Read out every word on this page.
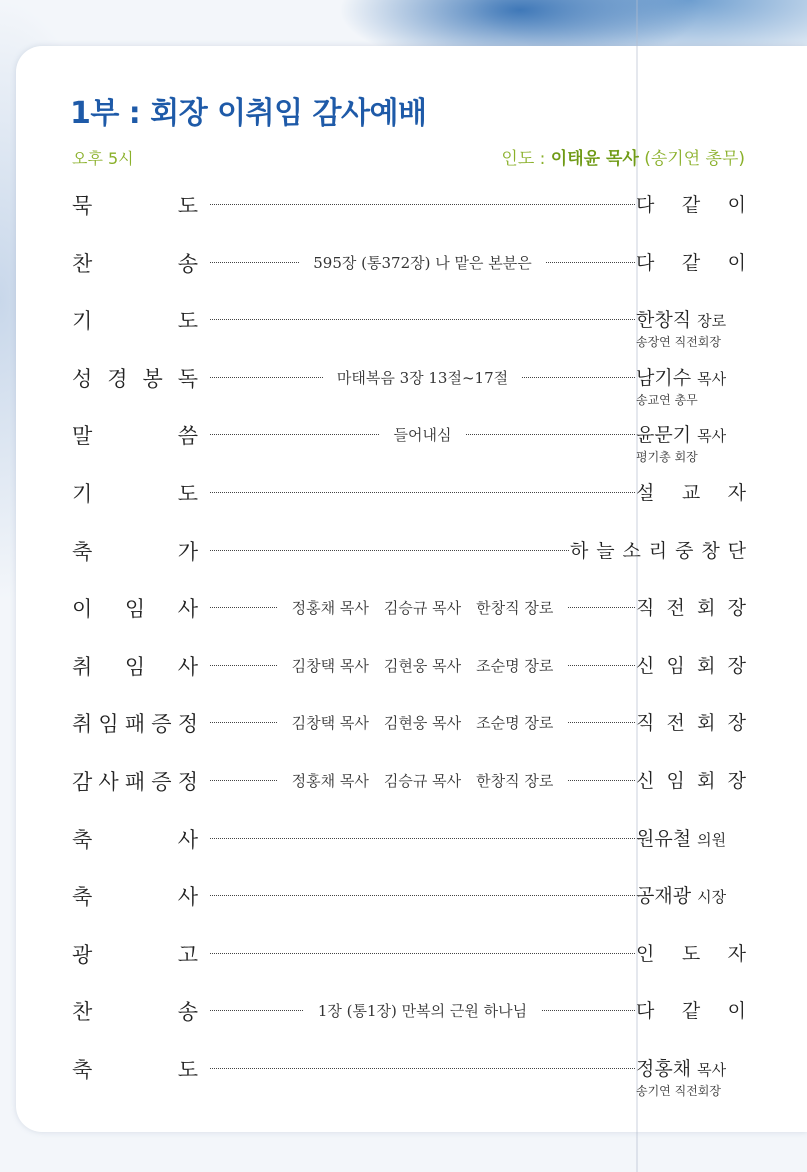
1부 : 회장 이취임 감사예배
오후 5시	인도 : 이태윤 목사 (송기연 총무)
묵	도	다 같 이
찬	송	595장 (통372장) 나 맡은 본분은	다 같 이
기	도	한창직 장로
송장연 직전회장
성 경 봉 독	마태복음 3장 13절~17절	남기수 목사
송교연 총무
말	씀	들어내심	윤문기 목사
평기총 회장
기	도	설 교 자
축	가	하 늘 소 리 중 창 단
이 임 사	정홍채 목사　김승규 목사　한창직 장로	직 전 회 장
취 임 사	김창택 목사　김현웅 목사　조순명 장로	신 임 회 장
취 임 패 증 정	김창택 목사　김현웅 목사　조순명 장로	직 전 회 장
감 사 패 증 정	정홍채 목사　김승규 목사　한창직 장로	신 임 회 장
축	사	원유철 의원
축	사	공재광 시장
광	고	인 도 자
찬	송	1장 (통1장) 만복의 근원 하나님	다 같 이
축	도	정홍채 목사
송기연 직전회장
